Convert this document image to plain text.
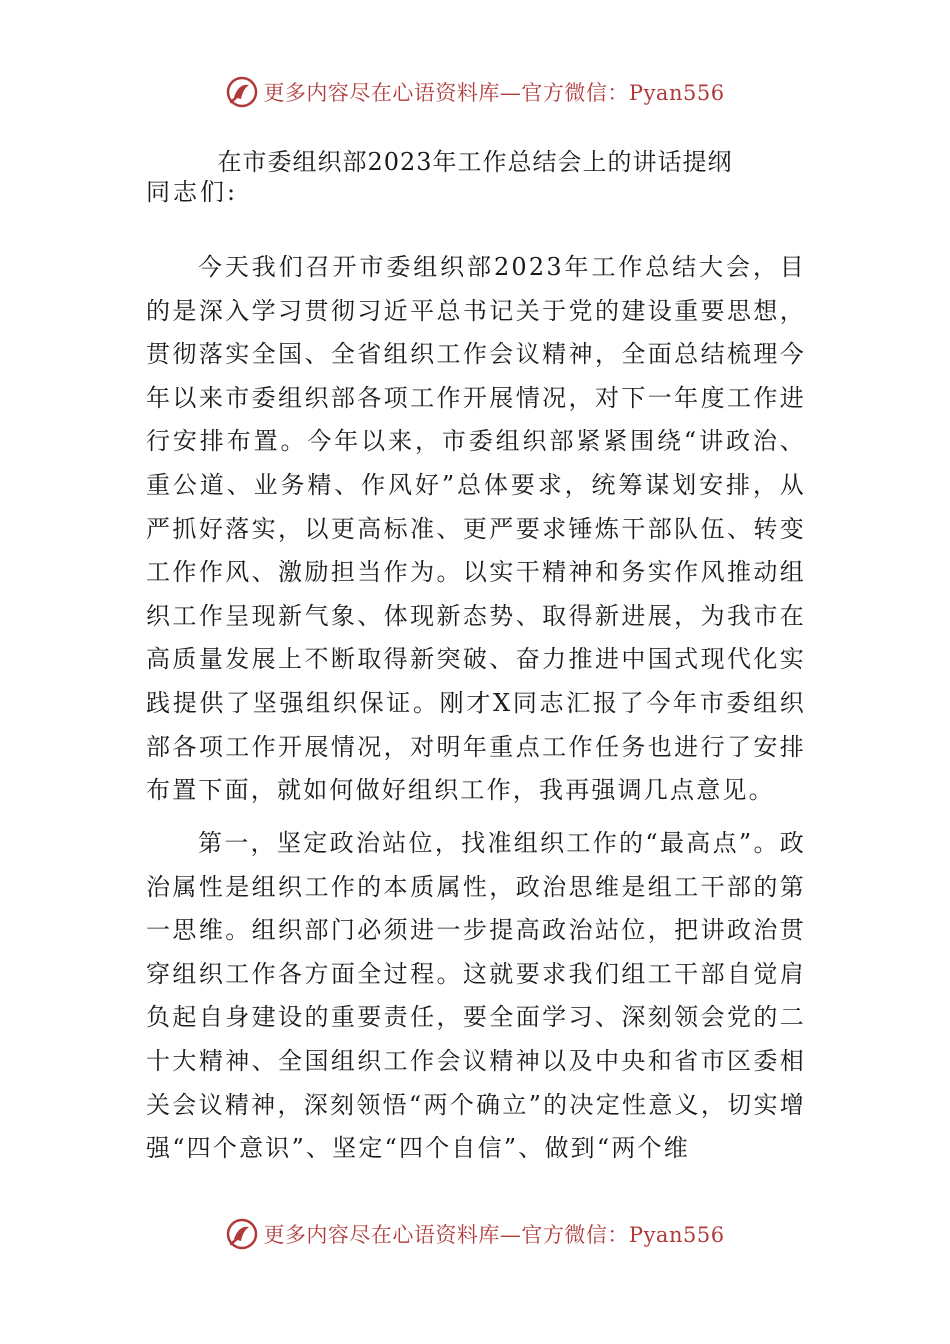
更多内容尽在心语资料库—官方微信：Pyan556
在市委组织部2023年工作总结会上的讲话提纲
同志们:

今天我们召开市委组织部2023年工作总结大会，目的是深入学习贯彻习近平总书记关于党的建设重要思想，贯彻落实全国、全省组织工作会议精神，全面总结梳理今年以来市委组织部各项工作开展情况，对下一年度工作进行安排布置。今年以来，市委组织部紧紧围绕“讲政治、重公道、业务精、作风好”总体要求，统筹谋划安排，从严抓好落实，以更高标准、更严要求锤炼干部队伍、转变工作作风、激励担当作为。以实干精神和务实作风推动组织工作呈现新气象、体现新态势、取得新进展，为我市在高质量发展上不断取得新突破、奋力推进中国式现代化实践提供了坚强组织保证。刚才X同志汇报了今年市委组织部各项工作开展情况，对明年重点工作任务也进行了安排布置下面，就如何做好组织工作，我再强调几点意见。

第一，坚定政治站位，找准组织工作的“最高点”。政治属性是组织工作的本质属性，政治思维是组工干部的第一思维。组织部门必须进一步提高政治站位，把讲政治贯穿组织工作各方面全过程。这就要求我们组工干部自觉肩负起自身建设的重要责任，要全面学习、深刻领会党的二十大精神、全国组织工作会议精神以及中央和省市区委相关会议精神，深刻领悟“两个确立”的决定性意义，切实增强“四个意识”、坚定“四个自信”、做到“两个维

更多内容尽在心语资料库—官方微信：Pyan556
